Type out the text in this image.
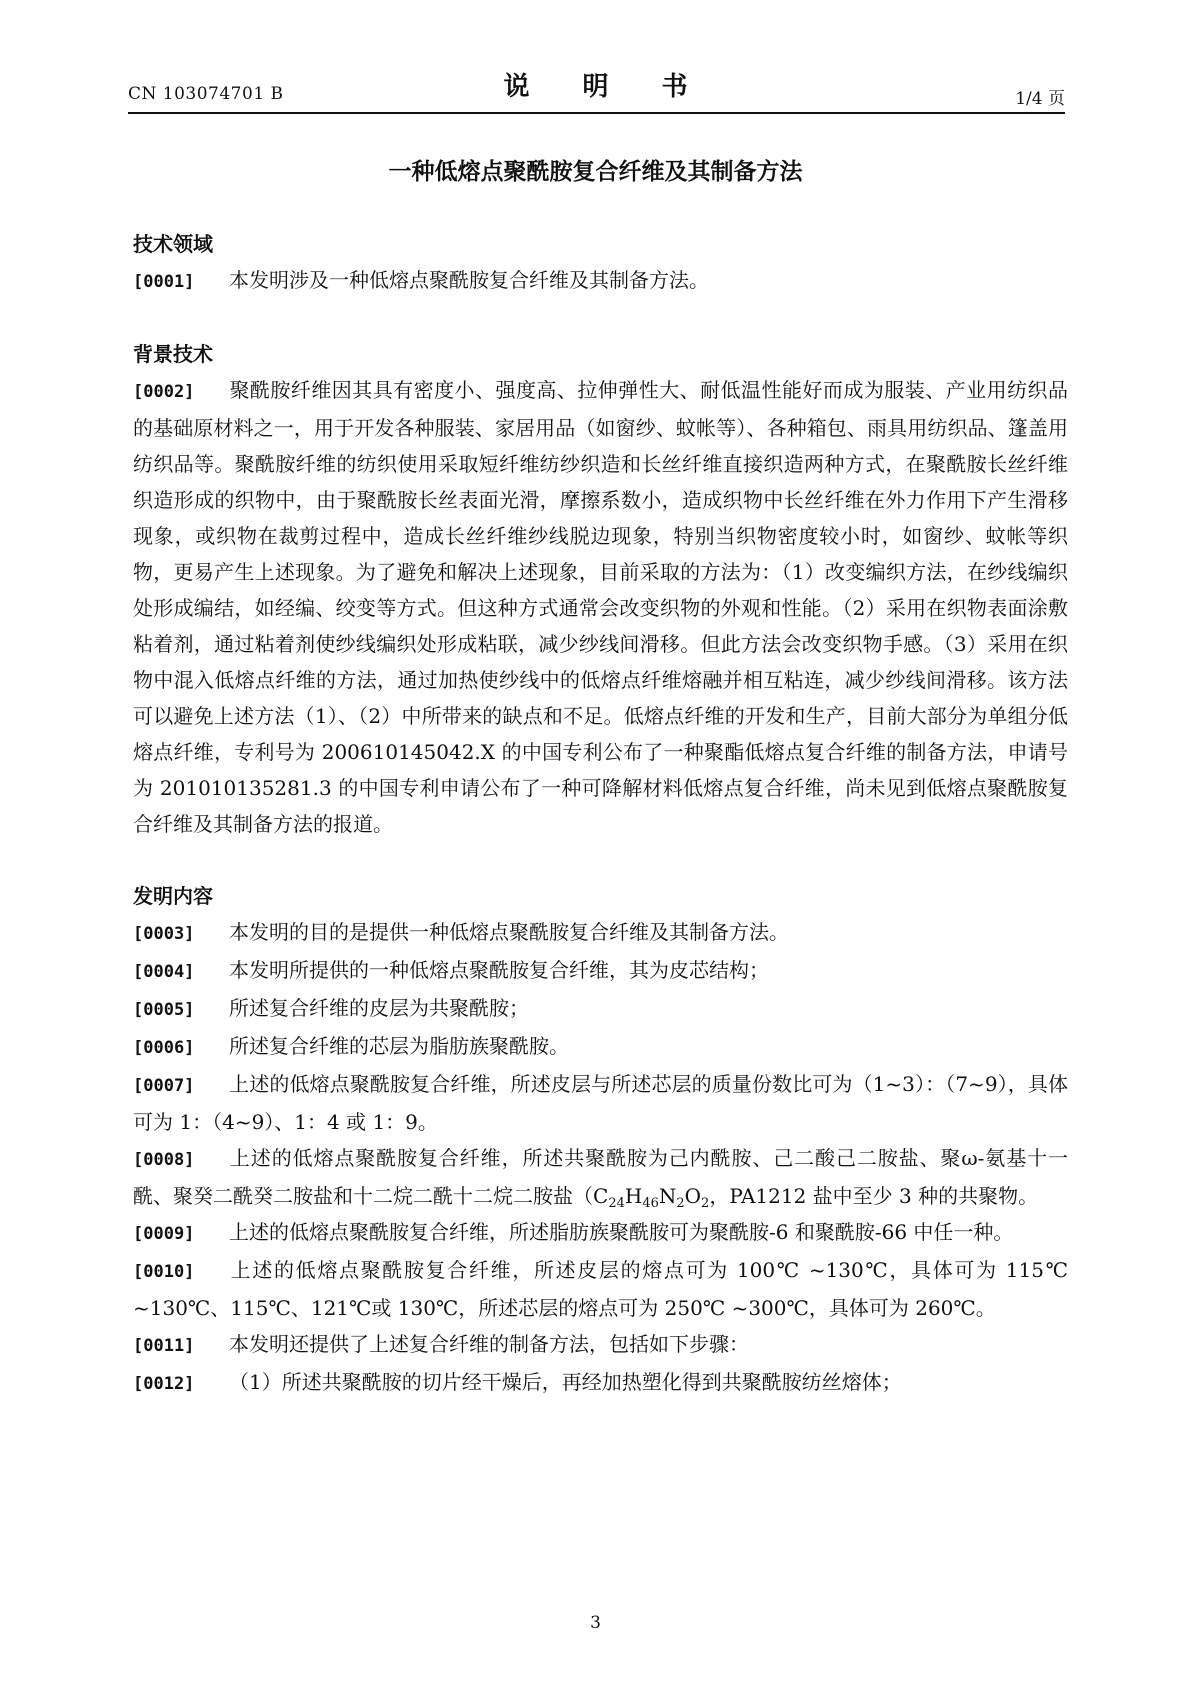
CN 103074701 B	说 明 书	1/4 页
一种低熔点聚酰胺复合纤维及其制备方法
技术领域

[0001] 本发明涉及一种低熔点聚酰胺复合纤维及其制备方法。

背景技术

[0002] 聚酰胺纤维因其具有密度小、强度高、拉伸弹性大、耐低温性能好而成为服装、产业用纺织品的基础原材料之一，用于开发各种服装、家居用品（如窗纱、蚊帐等）、各种箱包、雨具用纺织品、篷盖用纺织品等。聚酰胺纤维的纺织使用采取短纤维纺纱织造和长丝纤维直接织造两种方式，在聚酰胺长丝纤维织造形成的织物中，由于聚酰胺长丝表面光滑，摩擦系数小，造成织物中长丝纤维在外力作用下产生滑移现象，或织物在裁剪过程中，造成长丝纤维纱线脱边现象，特别当织物密度较小时，如窗纱、蚊帐等织物，更易产生上述现象。为了避免和解决上述现象，目前采取的方法为：（1）改变编织方法，在纱线编织处形成编结，如经编、绞变等方式。但这种方式通常会改变织物的外观和性能。（2）采用在织物表面涂敷粘着剂，通过粘着剂使纱线编织处形成粘联，减少纱线间滑移。但此方法会改变织物手感。（3）采用在织物中混入低熔点纤维的方法，通过加热使纱线中的低熔点纤维熔融并相互粘连，减少纱线间滑移。该方法可以避免上述方法（1）、（2）中所带来的缺点和不足。低熔点纤维的开发和生产，目前大部分为单组分低熔点纤维，专利号为 200610145042.X 的中国专利公布了一种聚酯低熔点复合纤维的制备方法，申请号为 201010135281.3 的中国专利申请公布了一种可降解材料低熔点复合纤维，尚未见到低熔点聚酰胺复合纤维及其制备方法的报道。

发明内容

[0003] 本发明的目的是提供一种低熔点聚酰胺复合纤维及其制备方法。

[0004] 本发明所提供的一种低熔点聚酰胺复合纤维，其为皮芯结构；

[0005] 所述复合纤维的皮层为共聚酰胺；

[0006] 所述复合纤维的芯层为脂肪族聚酰胺。

[0007] 上述的低熔点聚酰胺复合纤维，所述皮层与所述芯层的质量份数比可为（1~3）：（7~9），具体可为 1：（4~9）、1：4 或 1：9。

[0008] 上述的低熔点聚酰胺复合纤维，所述共聚酰胺为己内酰胺、己二酸己二胺盐、聚ω-氨基十一酰、聚癸二酰癸二胺盐和十二烷二酰十二烷二胺盐（$C_{24}H_{46}N_2O_2$，PA1212 盐中至少 3 种的共聚物。

[0009] 上述的低熔点聚酰胺复合纤维，所述脂肪族聚酰胺可为聚酰胺-6 和聚酰胺-66 中任一种。

[0010] 上述的低熔点聚酰胺复合纤维，所述皮层的熔点可为 100℃ ~130℃，具体可为 115℃ ~130℃、115℃、121℃或 130℃，所述芯层的熔点可为 250℃ ~300℃，具体可为 260℃。

[0011] 本发明还提供了上述复合纤维的制备方法，包括如下步骤：

[0012] （1）所述共聚酰胺的切片经干燥后，再经加热塑化得到共聚酰胺纺丝熔体；

3
